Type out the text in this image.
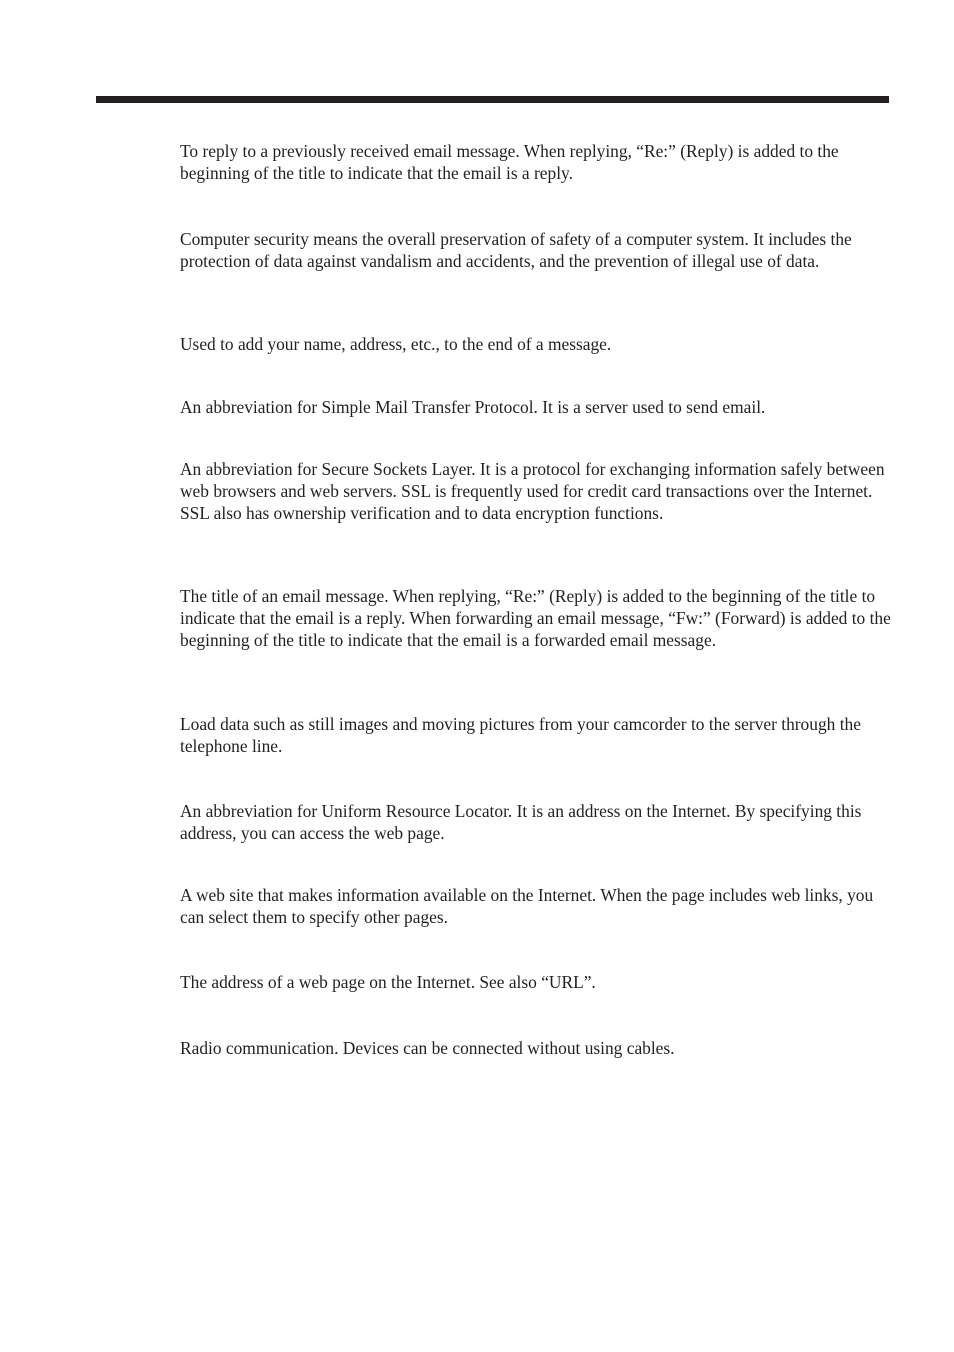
To reply to a previously received email message. When replying, “Re:” (Reply) is added to the beginning of the title to indicate that the email is a reply.

Computer security means the overall preservation of safety of a computer system. It includes the protection of data against vandalism and accidents, and the prevention of illegal use of data.

Used to add your name, address, etc., to the end of a message.

An abbreviation for Simple Mail Transfer Protocol. It is a server used to send email.

An abbreviation for Secure Sockets Layer. It is a protocol for exchanging information safely between web browsers and web servers. SSL is frequently used for credit card transactions over the Internet. SSL also has ownership verification and to data encryption functions.

The title of an email message. When replying, “Re:” (Reply) is added to the beginning of the title to indicate that the email is a reply. When forwarding an email message, “Fw:” (Forward) is added to the beginning of the title to indicate that the email is a forwarded email message.

Load data such as still images and moving pictures from your camcorder to the server through the telephone line.

An abbreviation for Uniform Resource Locator. It is an address on the Internet. By specifying this address, you can access the web page.

A web site that makes information available on the Internet. When the page includes web links, you can select them to specify other pages.

The address of a web page on the Internet. See also “URL”.

Radio communication. Devices can be connected without using cables.
